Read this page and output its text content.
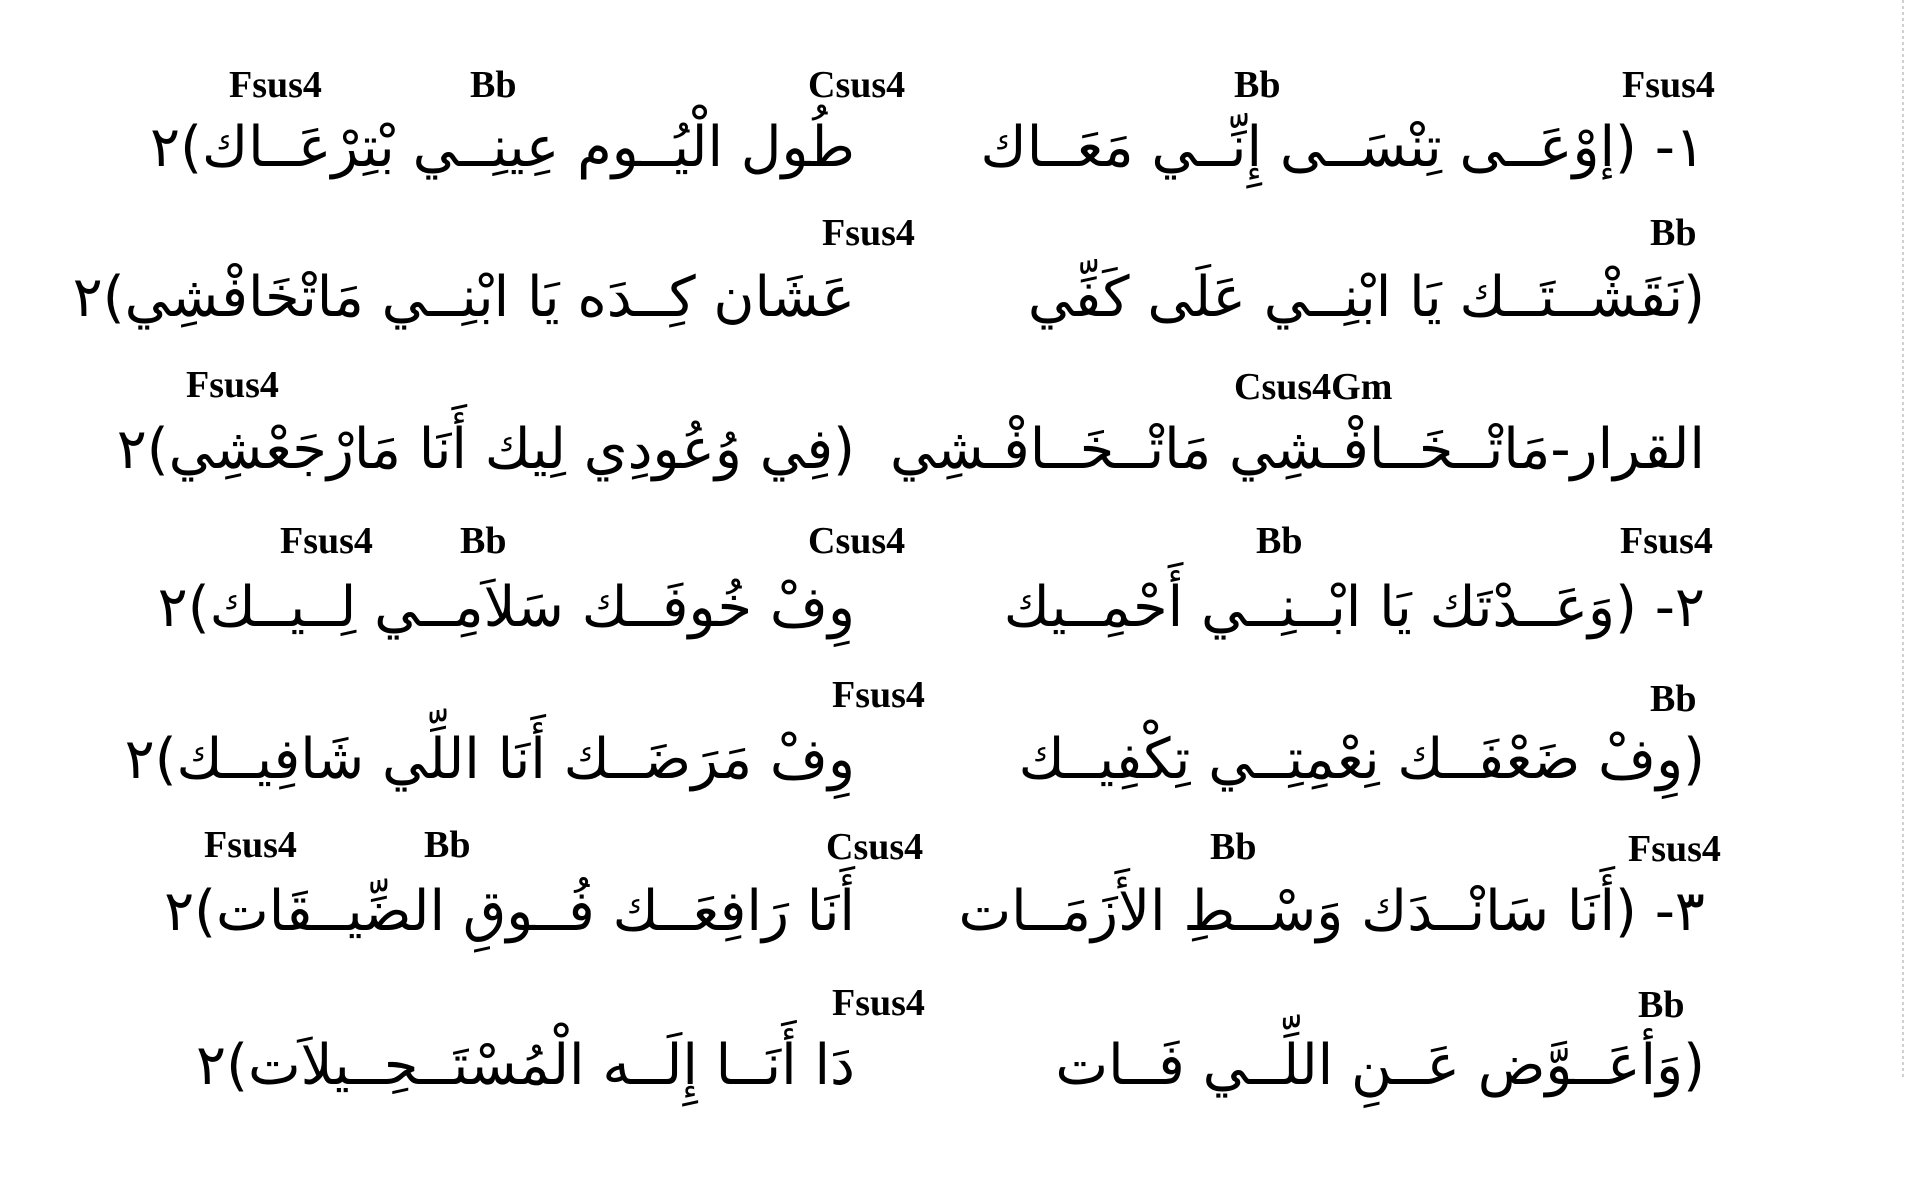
Fsus4	Bb	Csus4	Bb	Fsus4
١- (إوْعَــى تِنْسَــى إِنِّــي مَعَــاك
طُول الْيُــوم عِينِــي بْتِرْعَــاك)٢
Fsus4	Bb
(نَقَشْــتَــك يَا ابْنِــي عَلَى كَفِّي
عَشَان كِــدَه يَا ابْنِــي مَاتْخَافْشِي)٢
Fsus4	Csus4Gm
القرار-مَاتْــخَــافْـشِي مَاتْــخَــافْـشِي
(فِي وُعُودِي لِيك أَنَا مَارْجَعْشِي)٢
Fsus4 Bb	Csus4	Bb	Fsus4
٢- (وَعَــدْتَك يَا ابْــنِــي أَحْمِــيك
وِفْ خُوفَــك سَلاَمِــي لِــيــك)٢
Fsus4	Bb
(وِفْ ضَعْفَــك نِعْمِتِــي تِكْفِيــك
وِفْ مَرَضَــك أَنَا اللِّي شَافِيــك)٢
Fsus4	Bb	Csus4	Bb	Fsus4
٣- (أَنَا سَانْــدَك وَسْــطِ الأَزَمَــات
أَنَا رَافِعَــك فُــوقِ الضِّيــقَات)٢
Fsus4	Bb
(وَأعَــوَّض عَــنِ اللِّــي فَــات
دَا أَنَــا إِلَــه الْمُسْتَــحِــيلاَت)٢
